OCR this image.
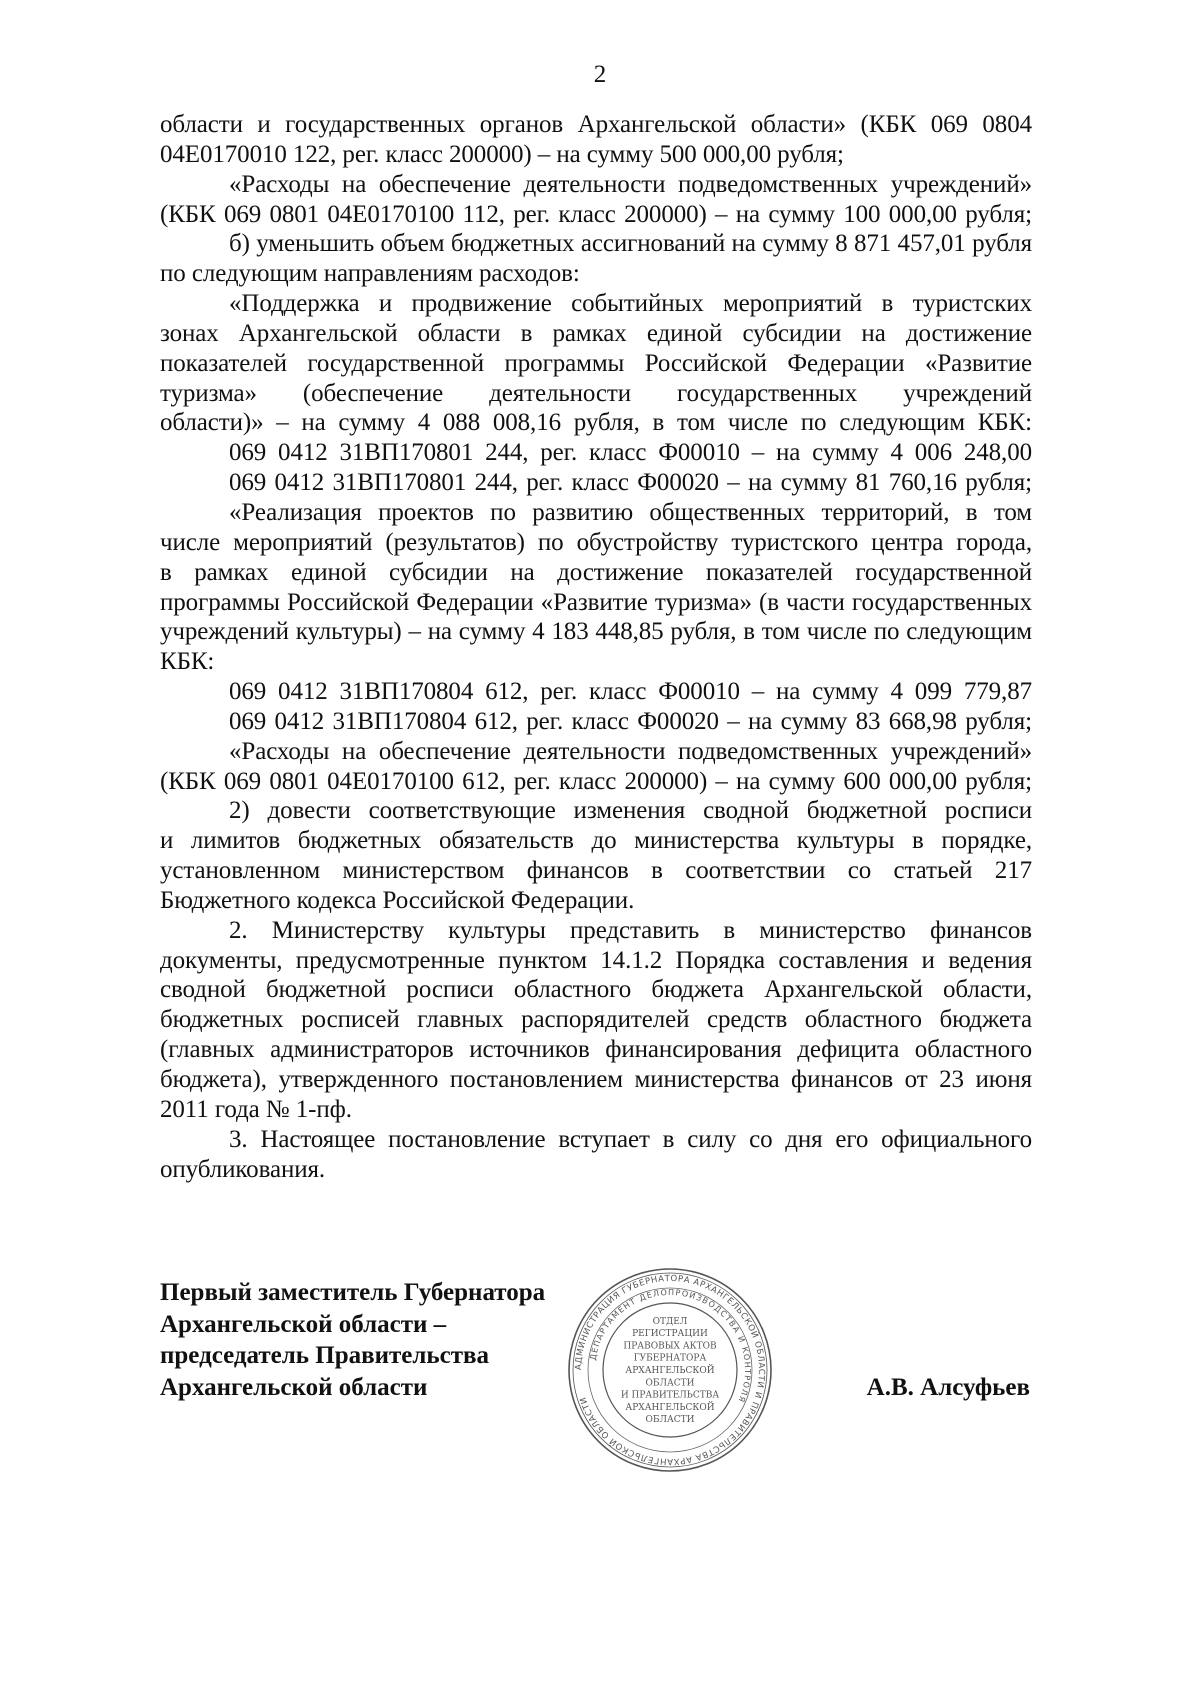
2
области и государственных органов Архангельской области» (КБК 069 0804
04Е0170010 122, рег. класс 200000) – на сумму 500 000,00 рубля;
«Расходы на обеспечение деятельности подведомственных учреждений»
(КБК 069 0801 04Е0170100 112, рег. класс 200000) – на сумму 100 000,00 рубля;
б) уменьшить объем бюджетных ассигнований на сумму 8 871 457,01 рубля
по следующим направлениям расходов:
«Поддержка и продвижение событийных мероприятий в туристских
зонах Архангельской области в рамках единой субсидии на достижение
показателей государственной программы Российской Федерации «Развитие
туризма» (обеспечение деятельности государственных учреждений
области)» – на сумму 4 088 008,16 рубля, в том числе по следующим КБК:
069 0412 31ВП170801 244, рег. класс Ф00010 – на сумму 4 006 248,00
069 0412 31ВП170801 244, рег. класс Ф00020 – на сумму 81 760,16 рубля;
«Реализация проектов по развитию общественных территорий, в том
числе мероприятий (результатов) по обустройству туристского центра города,
в рамках единой субсидии на достижение показателей государственной
программы Российской Федерации «Развитие туризма» (в части государственных
учреждений культуры) – на сумму 4 183 448,85 рубля, в том числе по следующим
КБК:
069 0412 31ВП170804 612, рег. класс Ф00010 – на сумму 4 099 779,87
069 0412 31ВП170804 612, рег. класс Ф00020 – на сумму 83 668,98 рубля;
«Расходы на обеспечение деятельности подведомственных учреждений»
(КБК 069 0801 04Е0170100 612, рег. класс 200000) – на сумму 600 000,00 рубля;
2) довести соответствующие изменения сводной бюджетной росписи
и лимитов бюджетных обязательств до министерства культуры в порядке,
установленном министерством финансов в соответствии со статьей 217
Бюджетного кодекса Российской Федерации.
2. Министерству культуры представить в министерство финансов
документы, предусмотренные пунктом 14.1.2 Порядка составления и ведения
сводной бюджетной росписи областного бюджета Архангельской области,
бюджетных росписей главных распорядителей средств областного бюджета
(главных администраторов источников финансирования дефицита областного
бюджета), утвержденного постановлением министерства финансов от 23 июня
2011 года № 1-пф.
3. Настоящее постановление вступает в силу со дня его официального
опубликования.
Первый заместитель Губернатора
Архангельской области –
председатель Правительства
Архангельской области
АДМИНИСТРАЦИЯ ГУБЕРНАТОРА АРХАНГЕЛЬСКОЙ ОБЛАСТИ И ПРАВИТЕЛЬСТВА АРХАНГЕЛЬСКОЙ ОБЛАСТИ
ДЕПАРТАМЕНТ ДЕЛОПРОИЗВОДСТВА И КОНТРОЛЯ
ОТДЕЛ
РЕГИСТРАЦИИ
ПРАВОВЫХ АКТОВ
ГУБЕРНАТОРА
АРХАНГЕЛЬСКОЙ
ОБЛАСТИ
И ПРАВИТЕЛЬСТВА
АРХАНГЕЛЬСКОЙ
ОБЛАСТИ
А.В. Алсуфьев
